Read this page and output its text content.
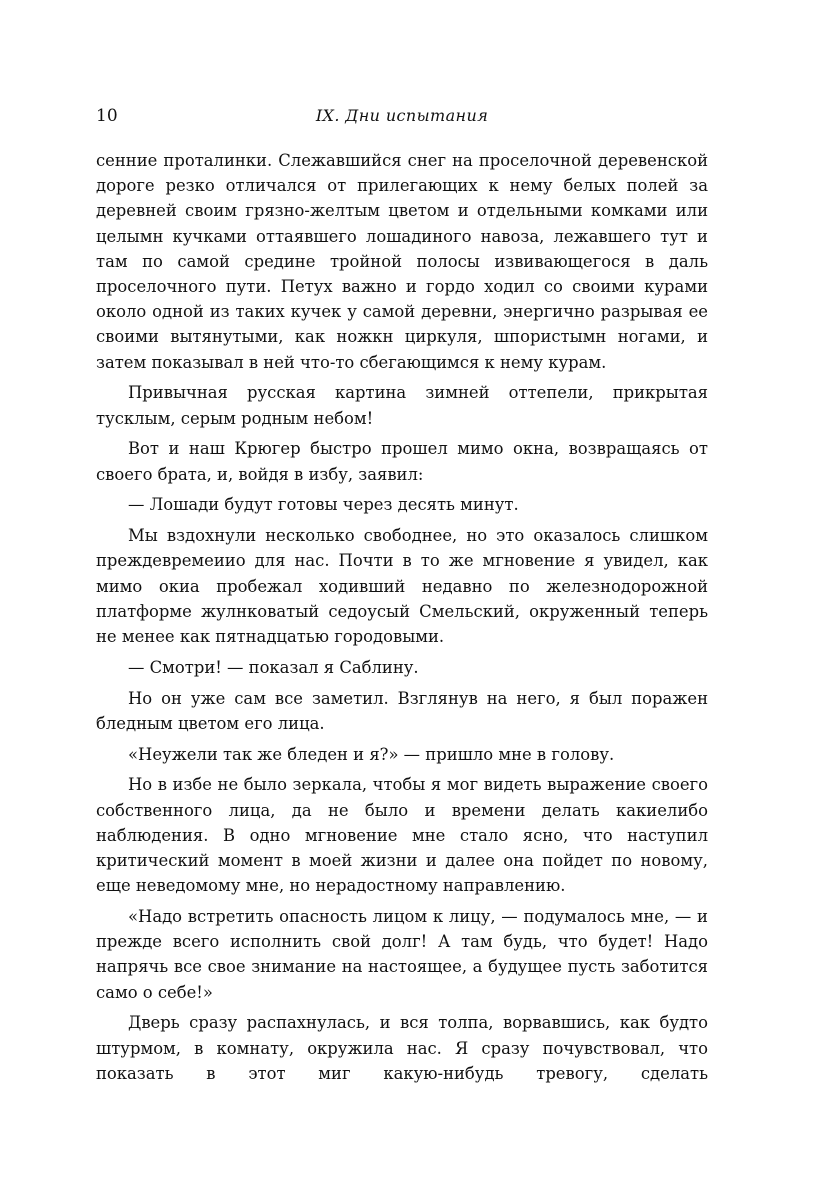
10	IX. Дни испытания

сенние проталинки. Слежавшийся снег на проселочной деревенской дороге резко отличался от прилегающих к нему белых полей за деревней своим грязно-желтым цветом и отдельными комками или целымн кучками оттаявшего лошадиного навоза, лежавшего тут и там по самой средине тройной полосы извивающегося в даль проселочного пути. Петух важно и гордо ходил со своими курами около одной из таких кучек у самой деревни, энергично разрывая ее своими вытянутыми, как ножкн циркуля, шпористымн ногами, и затем показывал в ней что-то сбегающимся к нему курам.

Привычная русская картина зимней оттепели, прикрытая тусклым, серым родным небом!

Вот и наш Крюгер быстро прошел мимо окна, возвращаясь от своего брата, и, войдя в избу, заявил:

— Лошади будут готовы через десять минут.

Мы вздохнули несколько свободнее, но это оказалось слишком преждевремеиио для нас. Почти в то же мгновение я увидел, как мимо окиа пробежал ходивший недавно по железнодорожной платформе жулнковатый седоусый Смельский, окруженный теперь не менее как пятнадцатью городовыми.

— Смотри! — показал я Саблину.

Но он уже сам все заметил. Взглянув на него, я был поражен бледным цветом его лица.

«Неужели так же бледен и я?» — пришло мне в голову.

Но в избе не было зеркала, чтобы я мог видеть выражение своего собственного лица, да не было и времени делать какиелибо наблюдения. В одно мгновение мне стало ясно, что наступил критический момент в моей жизни и далее она пойдет по новому, еще неведомому мне, но нерадостному направлению.

«Надо встретить опасность лицом к лицу, — подумалось мне, — и прежде всего исполнить свой долг! А там будь, что будет! Надо напрячь все свое знимание на настоящее, а будущее пусть заботится само о себе!»

Дверь сразу распахнулась, и вся толпа, ворвавшись, как будто штурмом, в комнату, окружила нас. Я сразу почувствовал, что показать в этот миг какую-нибудь тревогу, сделать
